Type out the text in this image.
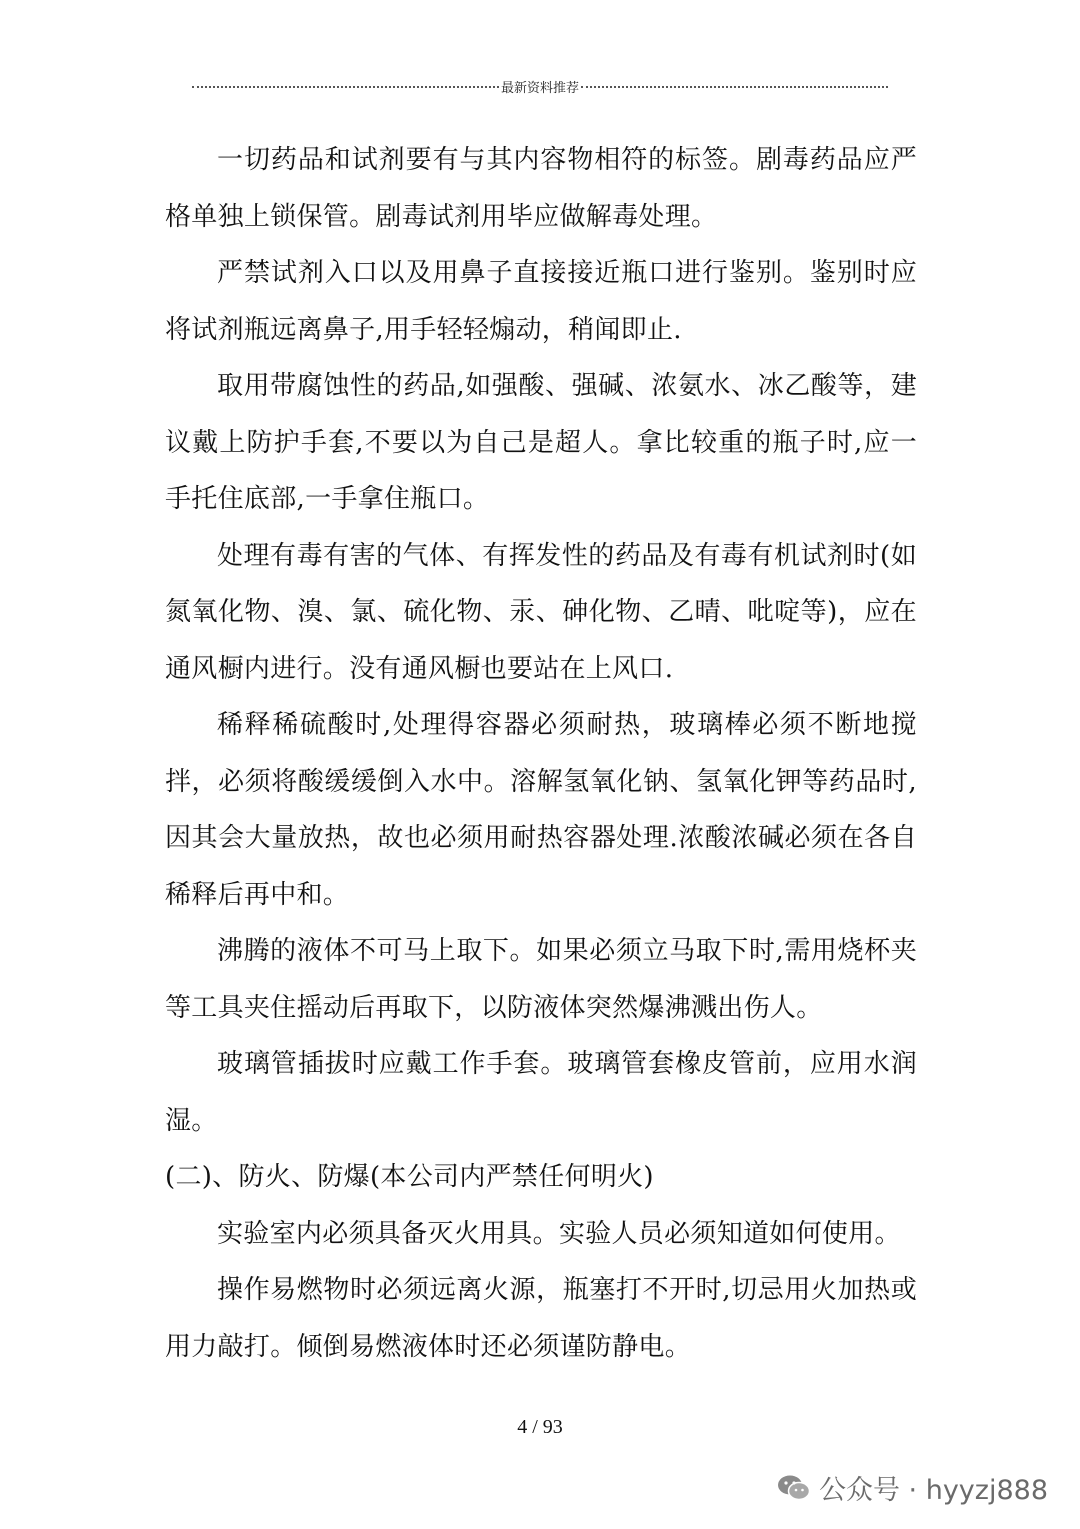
最新资料推荐

一切药品和试剂要有与其内容物相符的标签。剧毒药品应严格单独上锁保管。剧毒试剂用毕应做解毒处理。

严禁试剂入口以及用鼻子直接接近瓶口进行鉴别。鉴别时应将试剂瓶远离鼻子,用手轻轻煽动，稍闻即止.

取用带腐蚀性的药品,如强酸、强碱、浓氨水、冰乙酸等，建议戴上防护手套,不要以为自己是超人。拿比较重的瓶子时,应一手托住底部,一手拿住瓶口。

处理有毒有害的气体、有挥发性的药品及有毒有机试剂时(如氮氧化物、溴、氯、硫化物、汞、砷化物、乙晴、吡啶等)，应在通风橱内进行。没有通风橱也要站在上风口.

稀释稀硫酸时,处理得容器必须耐热，玻璃棒必须不断地搅拌，必须将酸缓缓倒入水中。溶解氢氧化钠、氢氧化钾等药品时,因其会大量放热，故也必须用耐热容器处理.浓酸浓碱必须在各自稀释后再中和。

沸腾的液体不可马上取下。如果必须立马取下时,需用烧杯夹等工具夹住摇动后再取下，以防液体突然爆沸溅出伤人。

玻璃管插拔时应戴工作手套。玻璃管套橡皮管前，应用水润湿。

(二)、防火、防爆(本公司内严禁任何明火)

实验室内必须具备灭火用具。实验人员必须知道如何使用。

操作易燃物时必须远离火源，瓶塞打不开时,切忌用火加热或用力敲打。倾倒易燃液体时还必须谨防静电。

4 / 93
公众号 · hyyzj888
